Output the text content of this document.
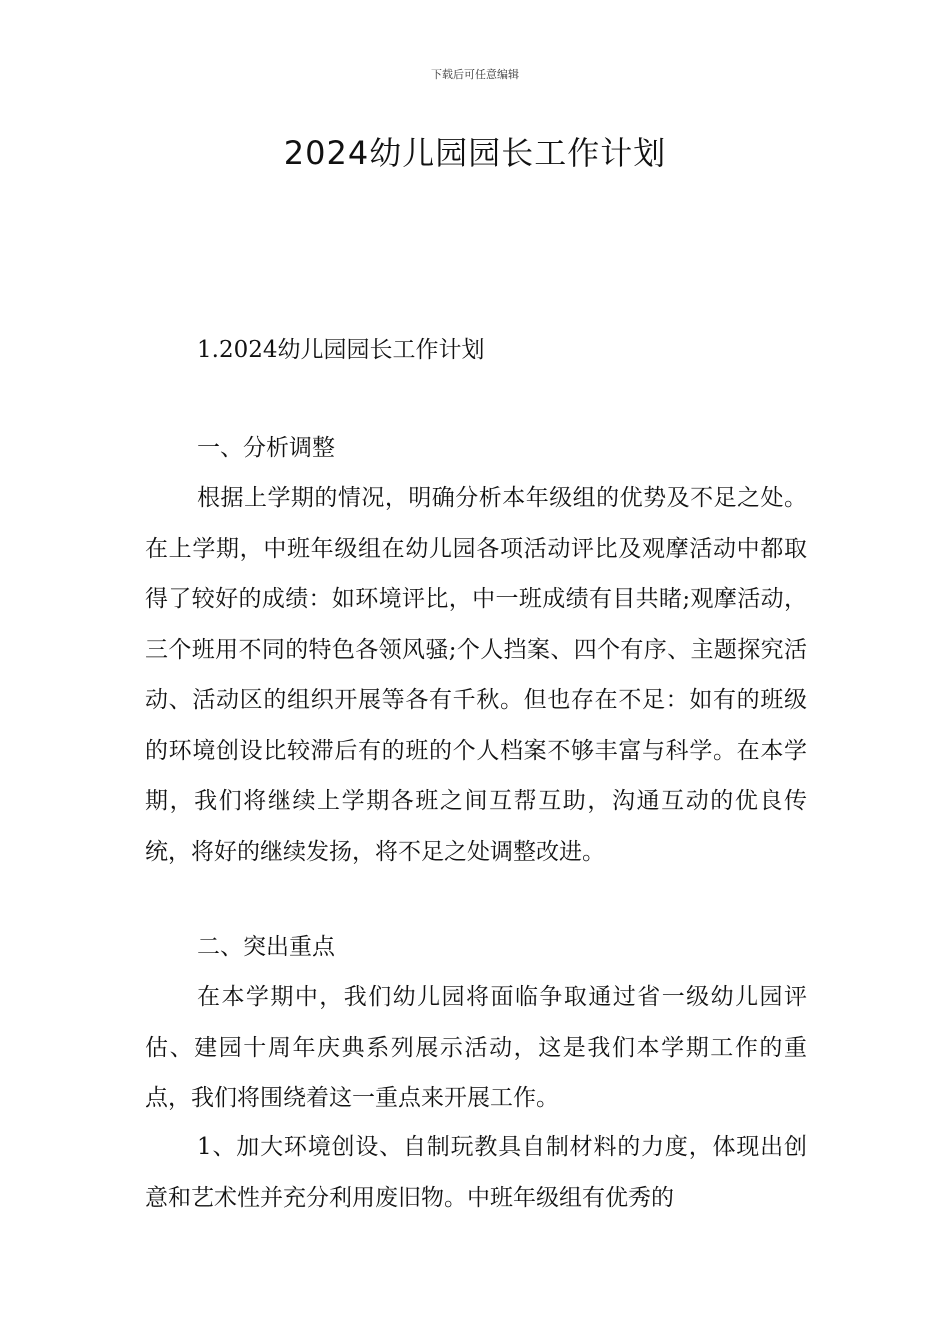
下载后可任意编辑
2024幼儿园园长工作计划
1.2024幼儿园园长工作计划
一、分析调整

根据上学期的情况，明确分析本年级组的优势及不足之处。在上学期，中班年级组在幼儿园各项活动评比及观摩活动中都取得了较好的成绩：如环境评比，中一班成绩有目共睹;观摩活动，三个班用不同的特色各领风骚;个人挡案、四个有序、主题探究活动、活动区的组织开展等各有千秋。但也存在不足：如有的班级的环境创设比较滞后有的班的个人档案不够丰富与科学。在本学期，我们将继续上学期各班之间互帮互助，沟通互动的优良传统，将好的继续发扬，将不足之处调整改进。

二、突出重点

在本学期中，我们幼儿园将面临争取通过省一级幼儿园评估、建园十周年庆典系列展示活动，这是我们本学期工作的重点，我们将围绕着这一重点来开展工作。

1、加大环境创设、自制玩教具自制材料的力度，体现出创意和艺术性并充分利用废旧物。中班年级组有优秀的
